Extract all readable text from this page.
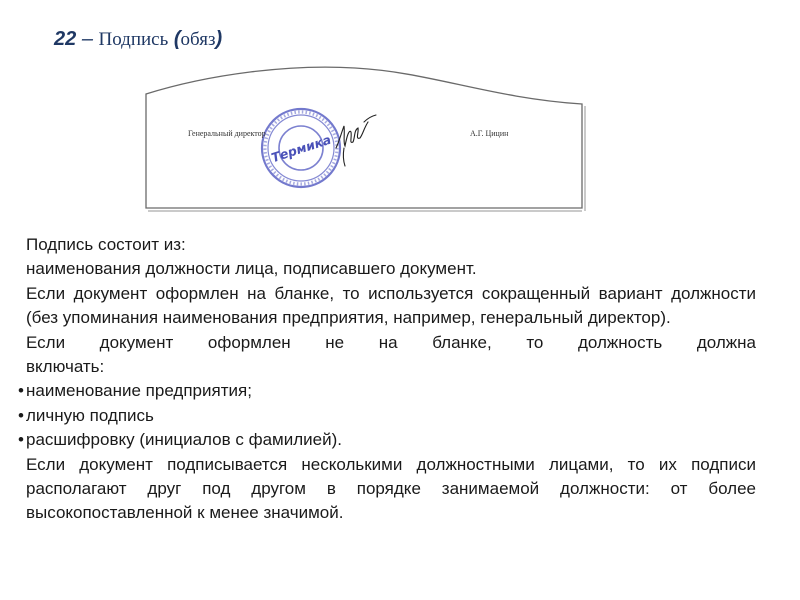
22 – Подпись (обяз)
Термика
Генеральный директор	А.Г. Цицин

Подпись состоит из:

наименования должности лица, подписавшего документ.

Если документ оформлен на бланке, то используется сокращенный вариант должности (без упоминания наименования предприятия, например, генеральный директор).

Если документ оформлен не на бланке, то должность должна

включать:

• наименование предприятия;
• личную подпись
• расшифровку (инициалов с фамилией).

Если документ подписывается несколькими должностными лицами, то их подписи располагают друг под другом в порядке занимаемой должности: от более высокопоставленной к менее значимой.
